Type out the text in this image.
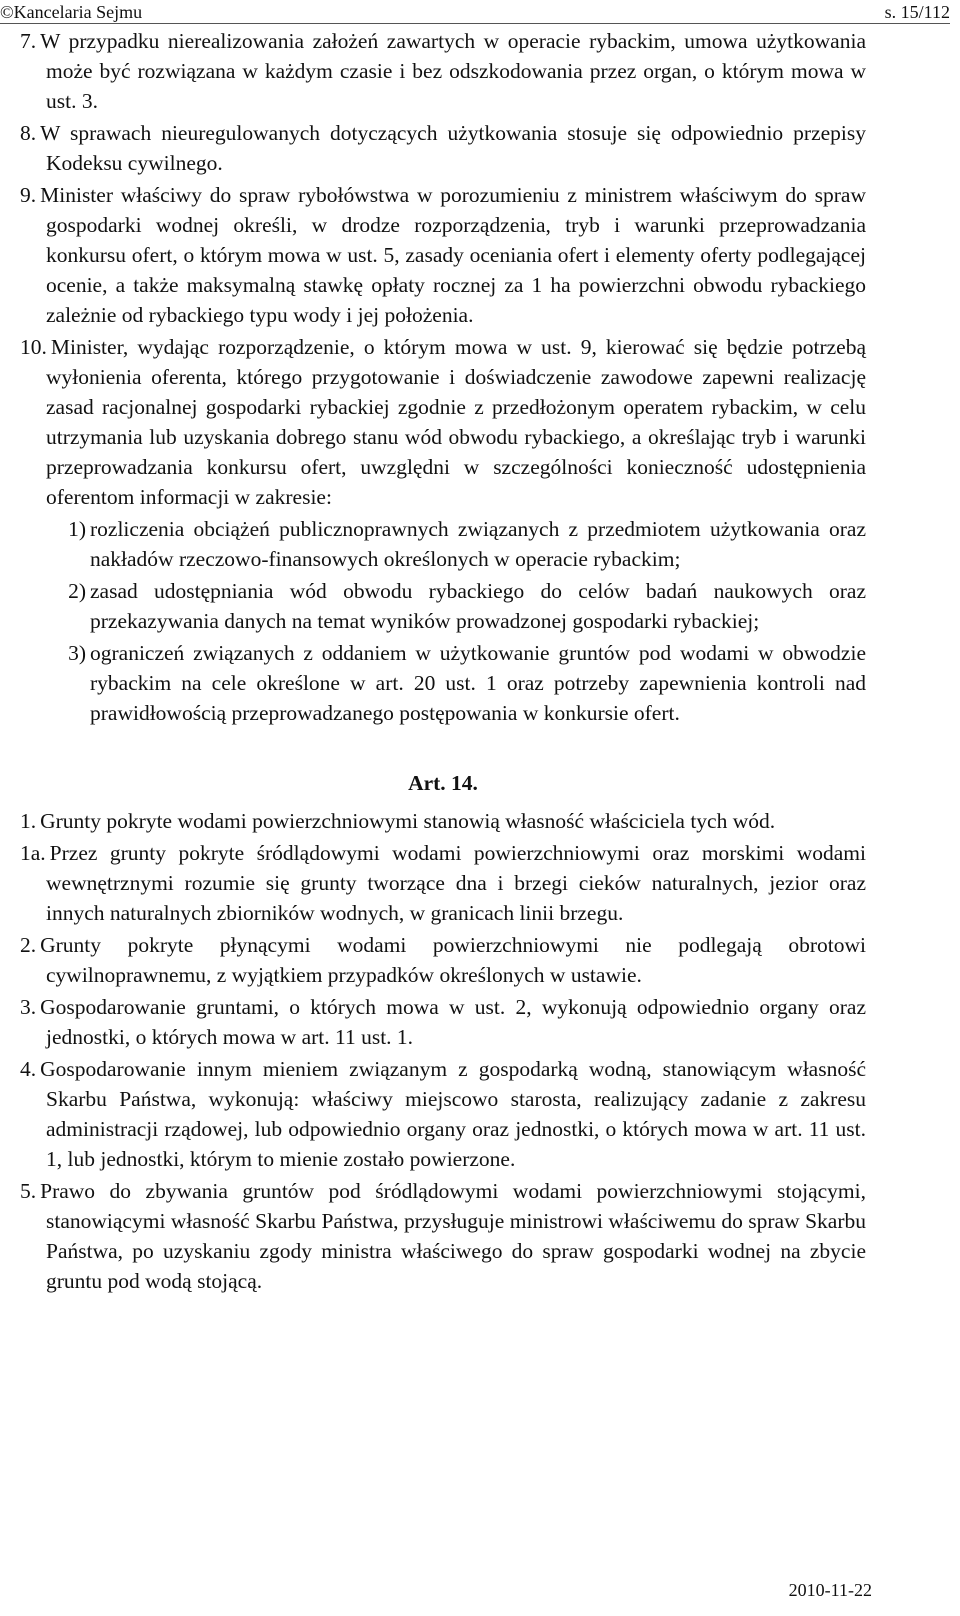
©Kancelaria Sejmu	s. 15/112

7. W przypadku nierealizowania założeń zawartych w operacie rybackim, umowa użytkowania może być rozwiązana w każdym czasie i bez odszkodowania przez organ, o którym mowa w ust. 3.

8. W sprawach nieuregulowanych dotyczących użytkowania stosuje się odpowiednio przepisy Kodeksu cywilnego.

9. Minister właściwy do spraw rybołówstwa w porozumieniu z ministrem właściwym do spraw gospodarki wodnej określi, w drodze rozporządzenia, tryb i warunki przeprowadzania konkursu ofert, o którym mowa w ust. 5, zasady oceniania ofert i elementy oferty podlegającej ocenie, a także maksymalną stawkę opłaty rocznej za 1 ha powierzchni obwodu rybackiego zależnie od rybackiego typu wody i jej położenia.

10. Minister, wydając rozporządzenie, o którym mowa w ust. 9, kierować się będzie potrzebą wyłonienia oferenta, którego przygotowanie i doświadczenie zawodowe zapewni realizację zasad racjonalnej gospodarki rybackiej zgodnie z przedłożonym operatem rybackim, w celu utrzymania lub uzyskania dobrego stanu wód obwodu rybackiego, a określając tryb i warunki przeprowadzania konkursu ofert, uwzględni w szczególności konieczność udostępnienia oferentom informacji w zakresie:

1) rozliczenia obciążeń publicznoprawnych związanych z przedmiotem użytkowania oraz nakładów rzeczowo-finansowych określonych w operacie rybackim;
2) zasad udostępniania wód obwodu rybackiego do celów badań naukowych oraz przekazywania danych na temat wyników prowadzonej gospodarki rybackiej;
3) ograniczeń związanych z oddaniem w użytkowanie gruntów pod wodami w obwodzie rybackim na cele określone w art. 20 ust. 1 oraz potrzeby zapewnienia kontroli nad prawidłowością przeprowadzanego postępowania w konkursie ofert.
Art. 14.

1. Grunty pokryte wodami powierzchniowymi stanowią własność właściciela tych wód.

1a. Przez grunty pokryte śródlądowymi wodami powierzchniowymi oraz morskimi wodami wewnętrznymi rozumie się grunty tworzące dna i brzegi cieków naturalnych, jezior oraz innych naturalnych zbiorników wodnych, w granicach linii brzegu.

2. Grunty pokryte płynącymi wodami powierzchniowymi nie podlegają obrotowi cywilnoprawnemu, z wyjątkiem przypadków określonych w ustawie.

3. Gospodarowanie gruntami, o których mowa w ust. 2, wykonują odpowiednio organy oraz jednostki, o których mowa w art. 11 ust. 1.

4. Gospodarowanie innym mieniem związanym z gospodarką wodną, stanowiącym własność Skarbu Państwa, wykonują: właściwy miejscowo starosta, realizujący zadanie z zakresu administracji rządowej, lub odpowiednio organy oraz jednostki, o których mowa w art. 11 ust. 1, lub jednostki, którym to mienie zostało powierzone.

5. Prawo do zbywania gruntów pod śródlądowymi wodami powierzchniowymi stojącymi, stanowiącymi własność Skarbu Państwa, przysługuje ministrowi właściwemu do spraw Skarbu Państwa, po uzyskaniu zgody ministra właściwego do spraw gospodarki wodnej na zbycie gruntu pod wodą stojącą.

2010-11-22
